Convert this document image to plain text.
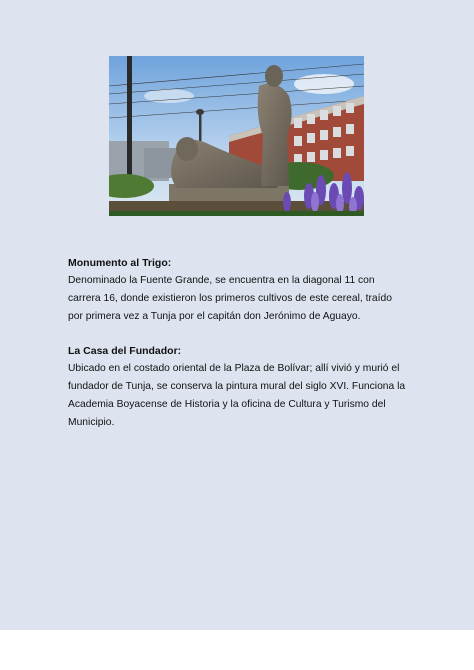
Monumento al Trigo:

Denominado la Fuente Grande, se encuentra en la diagonal 11 con

carrera 16, donde existieron los primeros cultivos de este cereal, traído

por primera vez a Tunja por el capitán don Jerónimo de Aguayo.

La Casa del Fundador:

Ubicado en el costado oriental de la Plaza de Bolívar; allí vivió y murió el

fundador de Tunja, se conserva la pintura mural del siglo XVI. Funciona la

Academia Boyacense de Historia y la oficina de Cultura y Turismo del

Municipio.
